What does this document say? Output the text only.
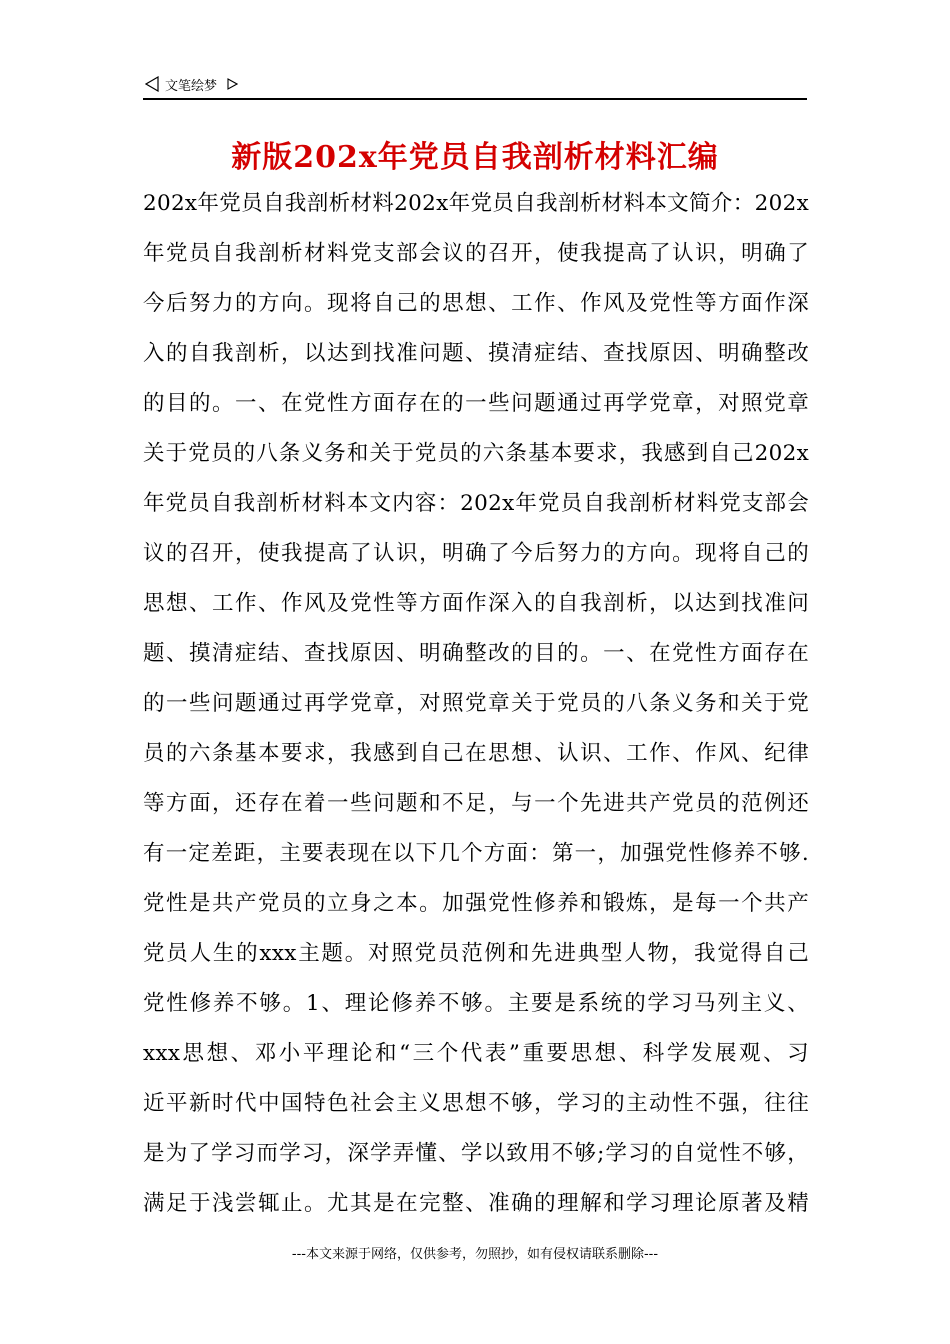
文笔绘梦
新版202x年党员自我剖析材料汇编
202x年党员自我剖析材料202x年党员自我剖析材料本文简介：202x
年党员自我剖析材料党支部会议的召开，使我提高了认识，明确了
今后努力的方向。现将自己的思想、工作、作风及党性等方面作深
入的自我剖析，以达到找准问题、摸清症结、查找原因、明确整改
的目的。一、在党性方面存在的一些问题通过再学党章，对照党章
关于党员的八条义务和关于党员的六条基本要求，我感到自己202x
年党员自我剖析材料本文内容：202x年党员自我剖析材料党支部会
议的召开，使我提高了认识，明确了今后努力的方向。现将自己的
思想、工作、作风及党性等方面作深入的自我剖析，以达到找准问
题、摸清症结、查找原因、明确整改的目的。一、在党性方面存在
的一些问题通过再学党章，对照党章关于党员的八条义务和关于党
员的六条基本要求，我感到自己在思想、认识、工作、作风、纪律
等方面，还存在着一些问题和不足，与一个先进共产党员的范例还
有一定差距，主要表现在以下几个方面：第一，加强党性修养不够.
党性是共产党员的立身之本。加强党性修养和锻炼，是每一个共产
党员人生的xxx主题。对照党员范例和先进典型人物，我觉得自己
党性修养不够。1、理论修养不够。主要是系统的学习马列主义、
xxx思想、邓小平理论和“三个代表”重要思想、科学发展观、习
近平新时代中国特色社会主义思想不够，学习的主动性不强，往往
是为了学习而学习，深学弄懂、学以致用不够;学习的自觉性不够，
满足于浅尝辄止。尤其是在完整、准确的理解和学习理论原著及精
---本文来源于网络，仅供参考，勿照抄，如有侵权请联系删除---
